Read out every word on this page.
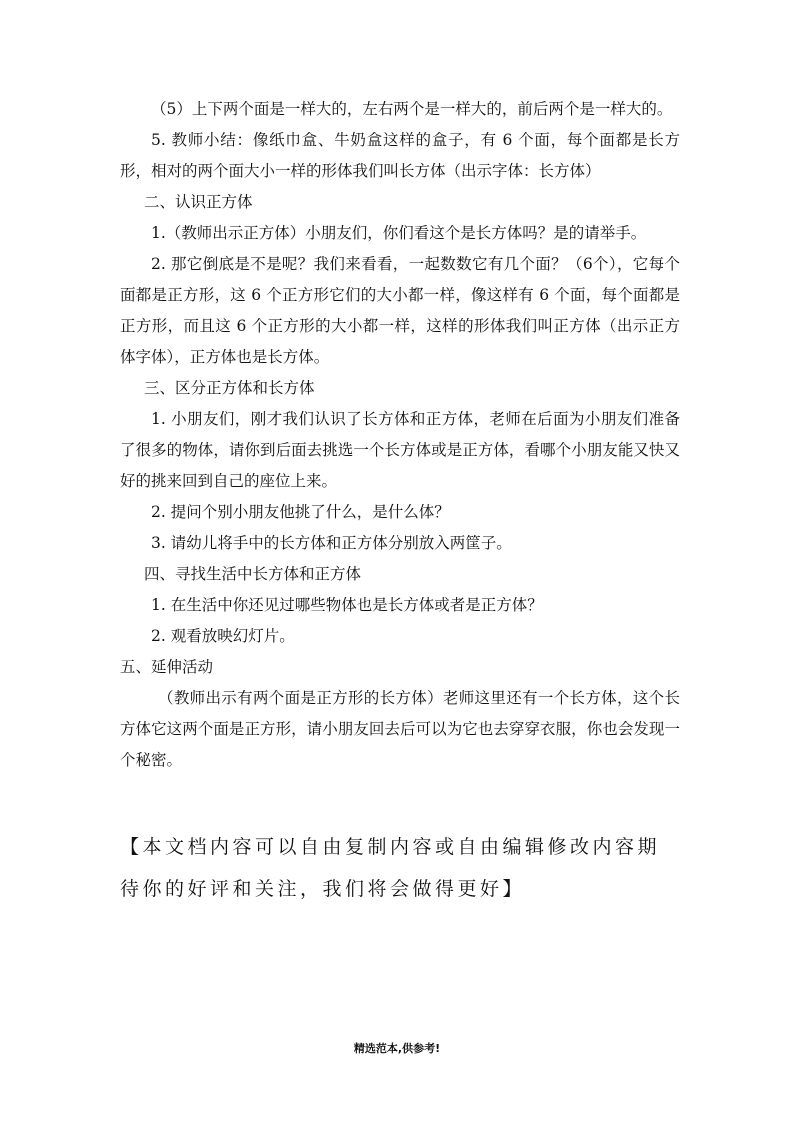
（5）上下两个面是一样大的，左右两个是一样大的，前后两个是一样大的。

5. 教师小结：像纸巾盒、牛奶盒这样的盒子，有 6 个面，每个面都是长方形，相对的两个面大小一样的形体我们叫长方体（出示字体：长方体）

二、认识正方体

1.（教师出示正方体）小朋友们，你们看这个是长方体吗？是的请举手。

2. 那它倒底是不是呢？我们来看看，一起数数它有几个面？（6个），它每个面都是正方形，这 6 个正方形它们的大小都一样，像这样有 6 个面，每个面都是正方形，而且这 6 个正方形的大小都一样，这样的形体我们叫正方体（出示正方体字体），正方体也是长方体。

三、区分正方体和长方体

1. 小朋友们，刚才我们认识了长方体和正方体，老师在后面为小朋友们准备了很多的物体，请你到后面去挑选一个长方体或是正方体，看哪个小朋友能又快又好的挑来回到自己的座位上来。

2. 提问个别小朋友他挑了什么，是什么体？

3. 请幼儿将手中的长方体和正方体分别放入两筐子。

四、寻找生活中长方体和正方体

1. 在生活中你还见过哪些物体也是长方体或者是正方体？

2. 观看放映幻灯片。

五、延伸活动

（教师出示有两个面是正方形的长方体）老师这里还有一个长方体，这个长方体它这两个面是正方形，请小朋友回去后可以为它也去穿穿衣服，你也会发现一个秘密。

【本文档内容可以自由复制内容或自由编辑修改内容期待你的好评和关注，我们将会做得更好】

精选范本,供参考!
